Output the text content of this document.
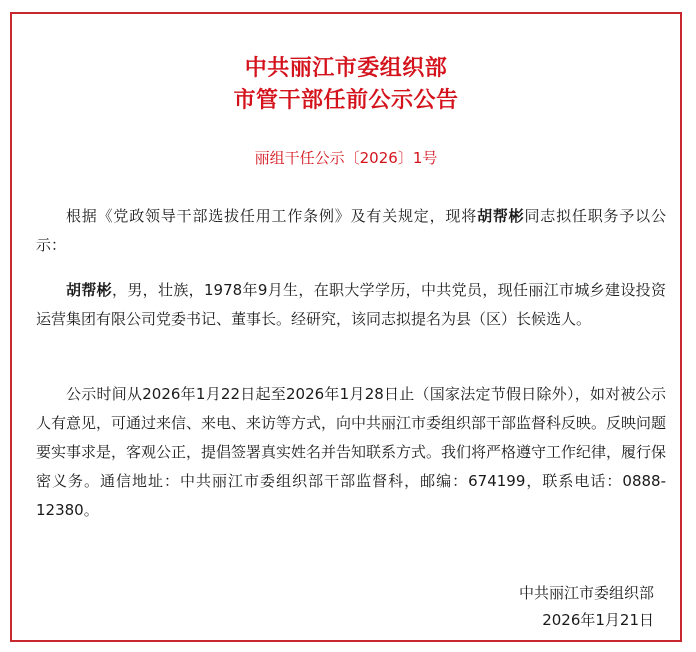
中共丽江市委组织部
市管干部任前公示公告
丽组干任公示〔2026〕1号

根据《党政领导干部选拔任用工作条例》及有关规定，现将胡帮彬同志拟任职务予以公示：

胡帮彬，男，壮族，1978年9月生，在职大学学历，中共党员，现任丽江市城乡建设投资运营集团有限公司党委书记、董事长。经研究，该同志拟提名为县（区）长候选人。

公示时间从2026年1月22日起至2026年1月28日止（国家法定节假日除外），如对被公示人有意见，可通过来信、来电、来访等方式，向中共丽江市委组织部干部监督科反映。反映问题要实事求是，客观公正，提倡签署真实姓名并告知联系方式。我们将严格遵守工作纪律，履行保密义务。通信地址：中共丽江市委组织部干部监督科，邮编：674199，联系电话：0888-12380。

中共丽江市委组织部
2026年1月21日
